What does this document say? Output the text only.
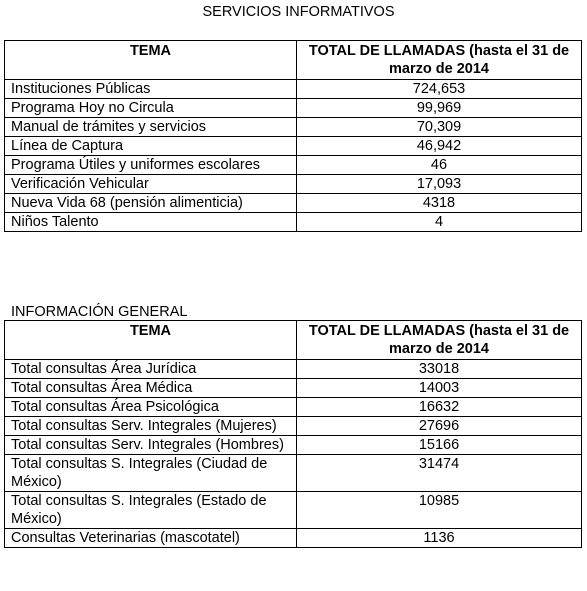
SERVICIOS INFORMATIVOS
TEMA	TOTAL DE LLAMADAS (hasta el 31 de marzo de 2014
Instituciones Públicas	724,653
Programa Hoy no Circula	99,969
Manual de trámites y servicios	70,309
Línea de Captura	46,942
Programa Útiles y uniformes escolares	46
Verificación Vehicular	17,093
Nueva Vida 68 (pensión alimenticia)	4318
Niños Talento	4
INFORMACIÓN GENERAL
TEMA	TOTAL DE LLAMADAS (hasta el 31 de marzo de 2014
Total consultas Área Jurídica	33018
Total consultas Área Médica	14003
Total consultas Área Psicológica	16632
Total consultas Serv. Integrales (Mujeres)	27696
Total consultas Serv. Integrales (Hombres)	15166
Total consultas S. Integrales (Ciudad de México)	31474
Total consultas S. Integrales (Estado de México)	10985
Consultas Veterinarias (mascotatel)	1136
